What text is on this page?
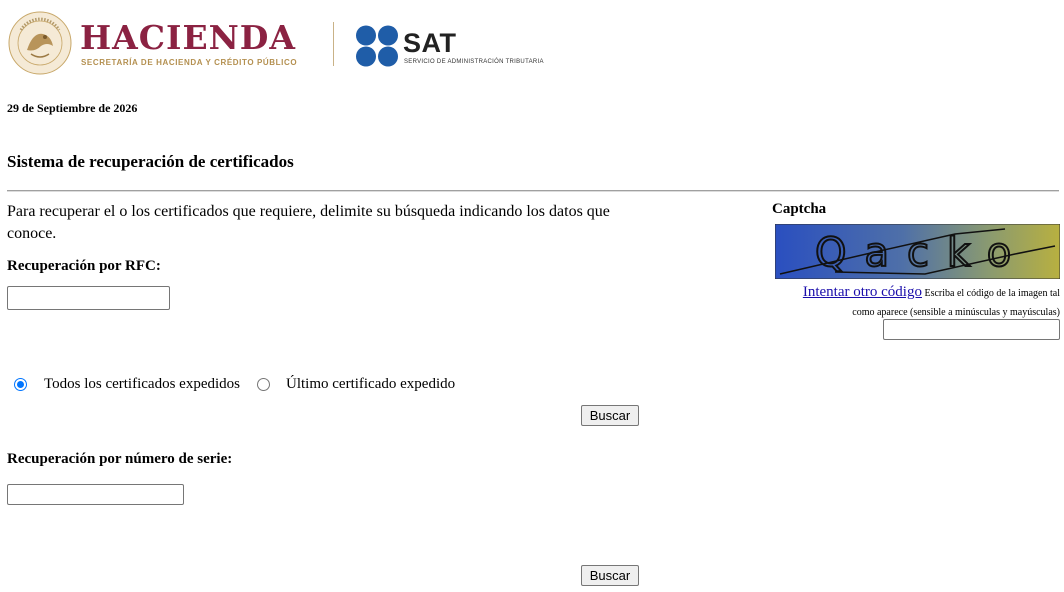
HACIENDA
SECRETARÍA DE HACIENDA Y CRÉDITO PÚBLICO
SAT
SERVICIO DE ADMINISTRACIÓN TRIBUTARIA
29 de Septiembre de 2026
Sistema de recuperación de certificados
Para recuperar el o los certificados que requiere, delimite su búsqueda indicando los datos que conoce.
Recuperación por RFC:
Todos los certificados expedidos	Último certificado expedido
Buscar
Recuperación por número de serie:
Buscar
Captcha
Qacko
Intentar otro código Escriba el código de la imagen tal
como aparece (sensible a minúsculas y mayúsculas)
